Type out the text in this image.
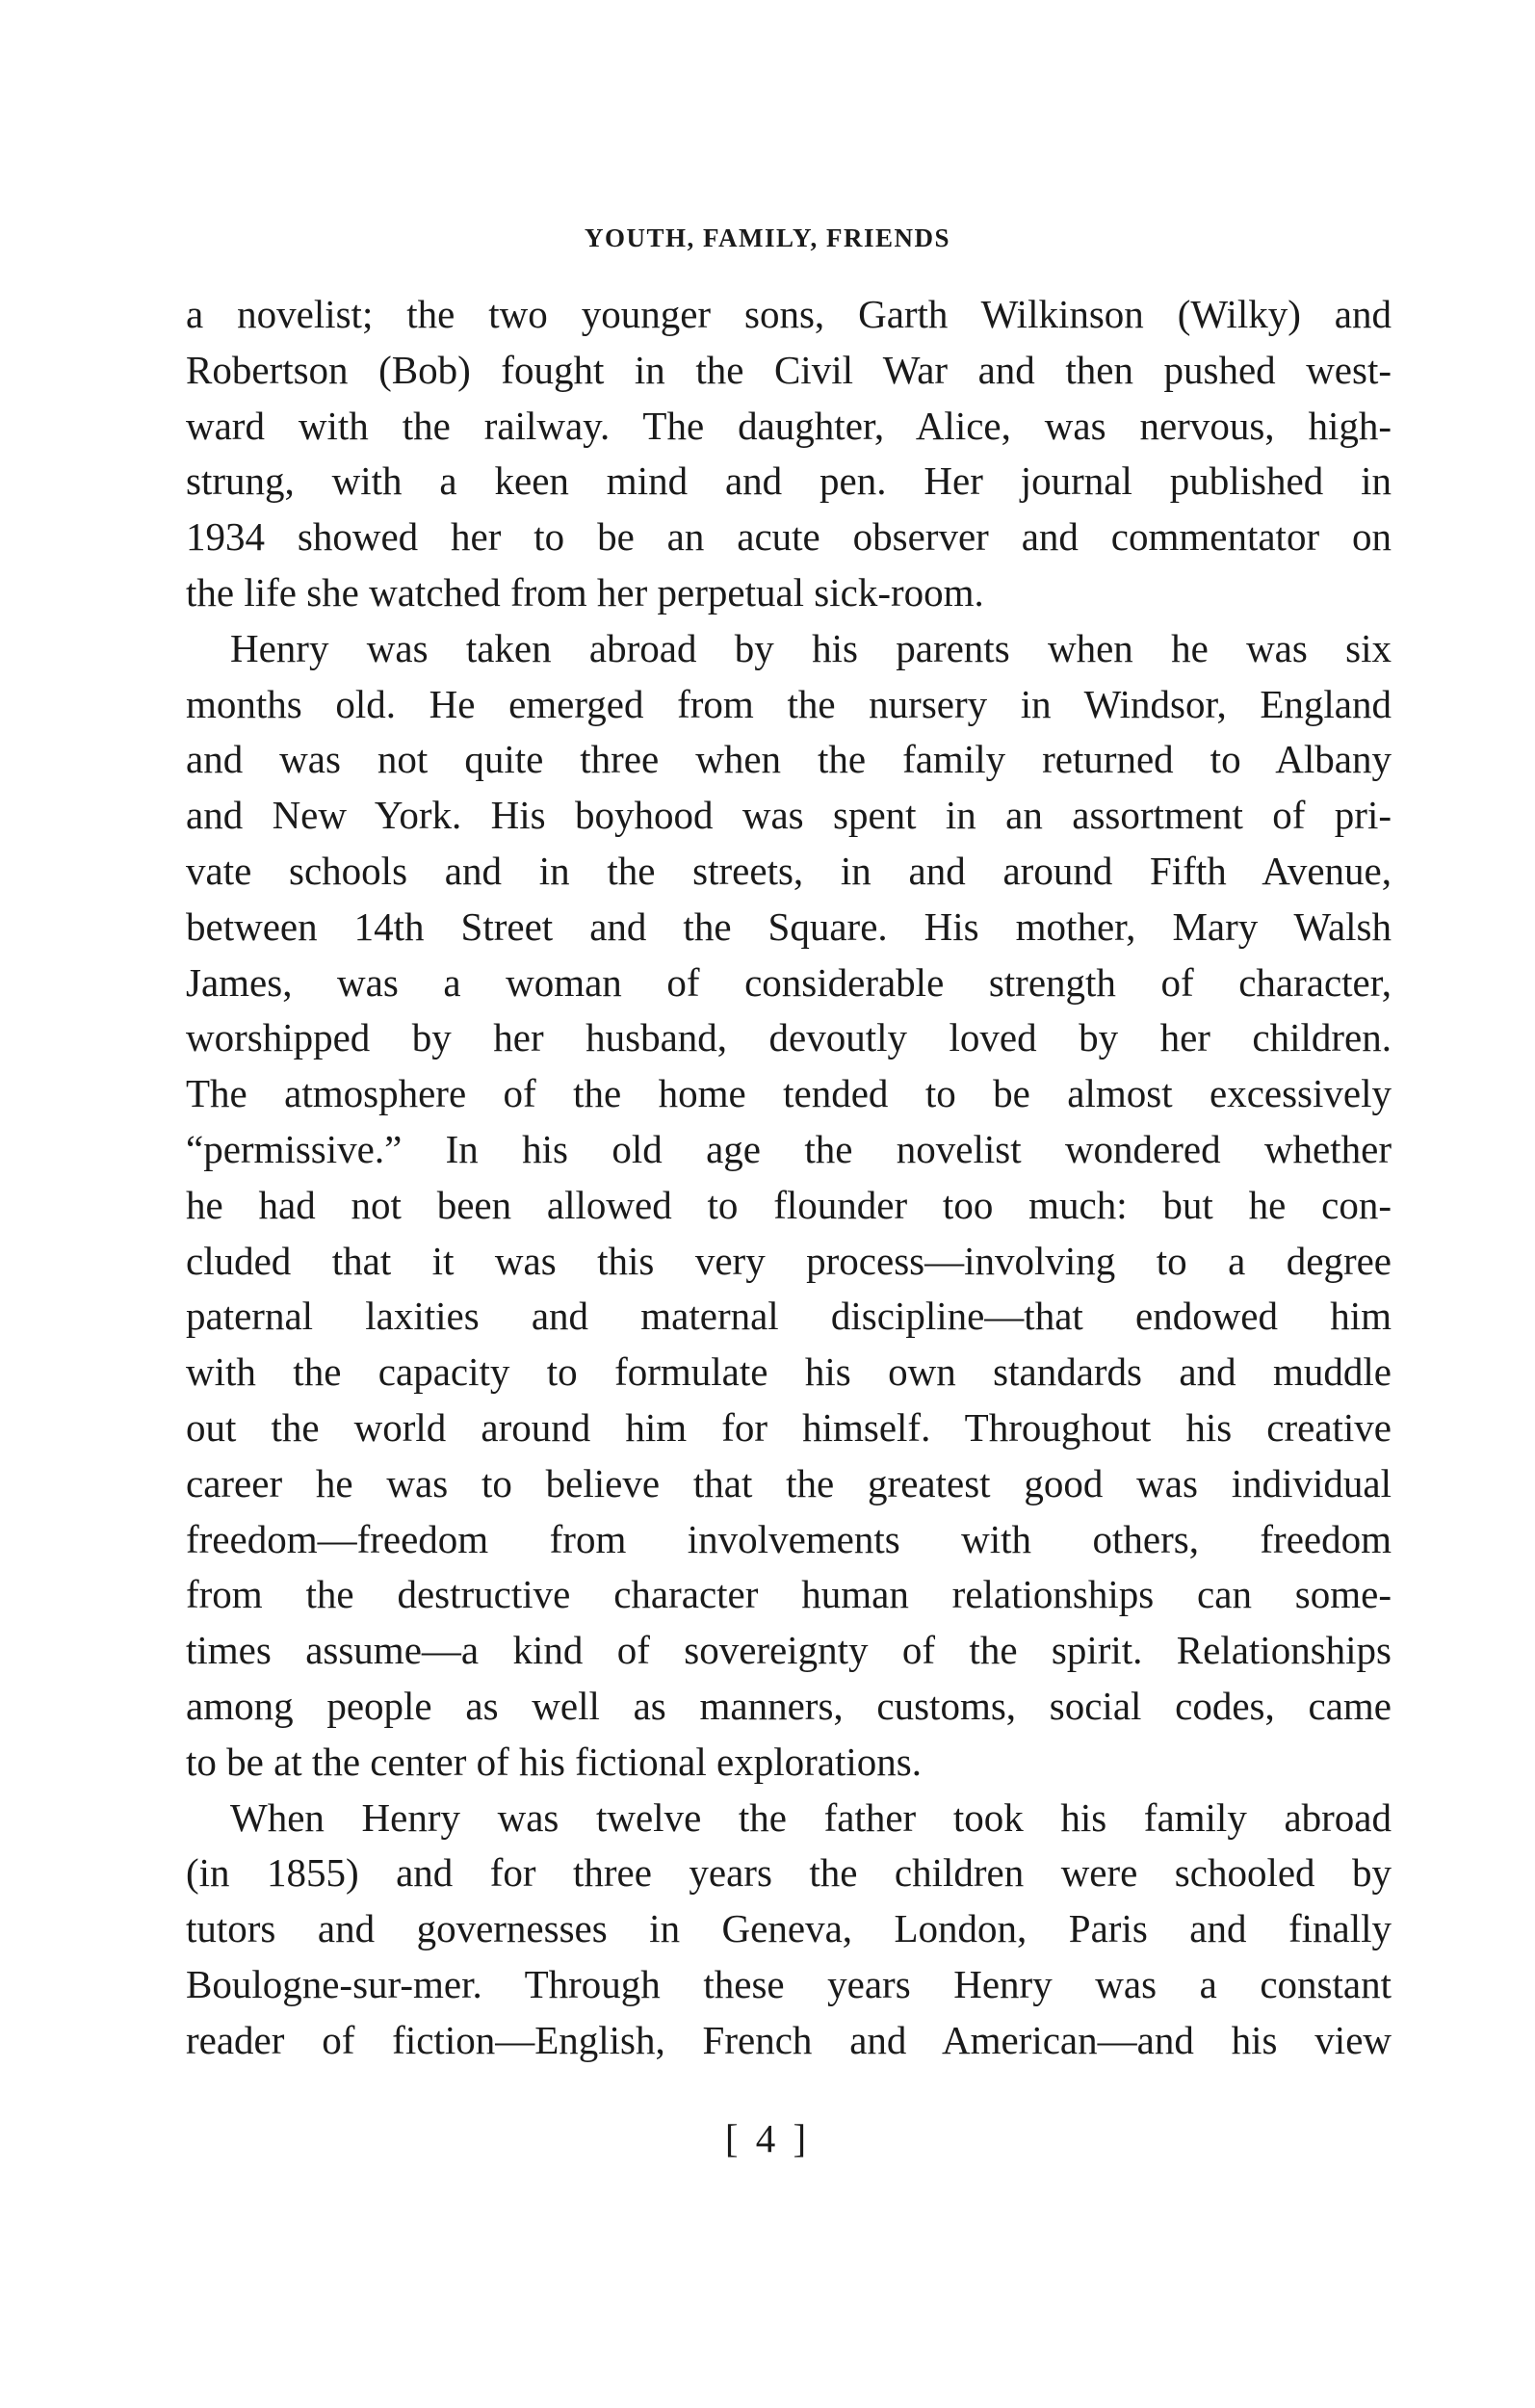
YOUTH, FAMILY, FRIENDS
a novelist; the two younger sons, Garth Wilkinson (Wilky) and
Robertson (Bob) fought in the Civil War and then pushed west-
ward with the railway. The daughter, Alice, was nervous, high-
strung, with a keen mind and pen. Her journal published in
1934 showed her to be an acute observer and commentator on
the life she watched from her perpetual sick-room.
Henry was taken abroad by his parents when he was six
months old. He emerged from the nursery in Windsor, England
and was not quite three when the family returned to Albany
and New York. His boyhood was spent in an assortment of pri-
vate schools and in the streets, in and around Fifth Avenue,
between 14th Street and the Square. His mother, Mary Walsh
James, was a woman of considerable strength of character,
worshipped by her husband, devoutly loved by her children.
The atmosphere of the home tended to be almost excessively
“permissive.” In his old age the novelist wondered whether
he had not been allowed to flounder too much: but he con-
cluded that it was this very process—involving to a degree
paternal laxities and maternal discipline—that endowed him
with the capacity to formulate his own standards and muddle
out the world around him for himself. Throughout his creative
career he was to believe that the greatest good was individual
freedom—freedom from involvements with others, freedom
from the destructive character human relationships can some-
times assume—a kind of sovereignty of the spirit. Relationships
among people as well as manners, customs, social codes, came
to be at the center of his fictional explorations.
When Henry was twelve the father took his family abroad
(in 1855) and for three years the children were schooled by
tutors and governesses in Geneva, London, Paris and finally
Boulogne-sur-mer. Through these years Henry was a constant
reader of fiction—English, French and American—and his view
[ 4 ]
